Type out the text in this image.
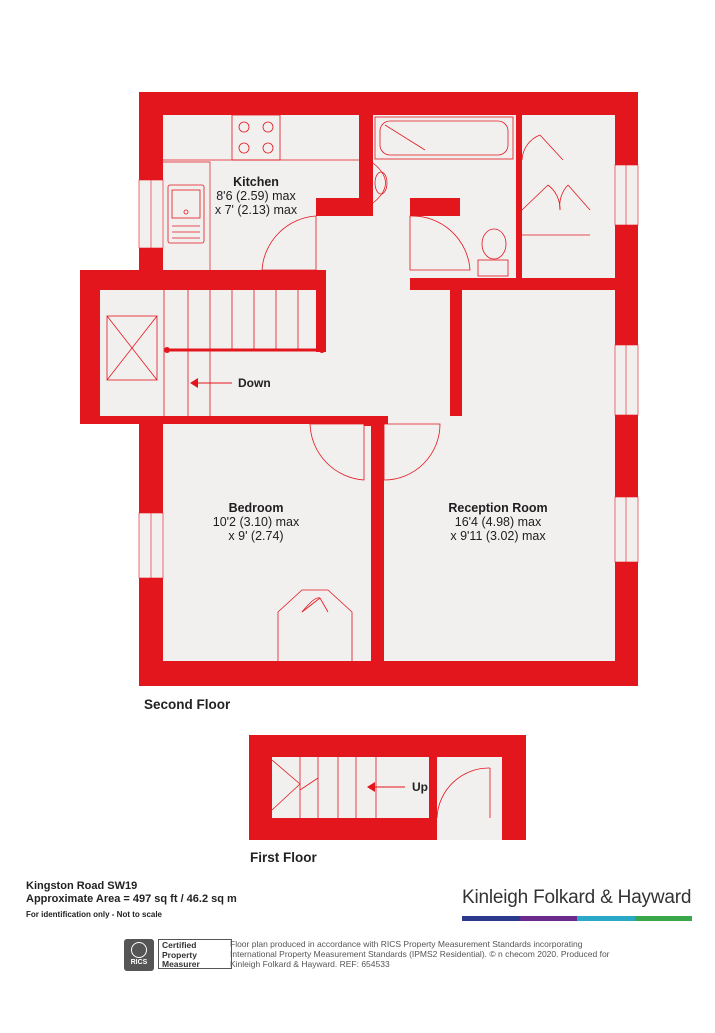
Kitchen
8'6 (2.59) max
x 7' (2.13) max
Bedroom
10'2 (3.10) max
x 9' (2.74)
Reception Room
16'4 (4.98) max
x 9'11 (3.02) max
Down
Up
Second Floor
First Floor
Kingston Road SW19
Approximate Area = 497 sq ft / 46.2 sq m
For identification only - Not to scale
Kinleigh Folkard & Hayward
RICS
Certified Property Measurer
Floor plan produced in accordance with RICS Property Measurement Standards incorporating International Property Measurement Standards (IPMS2 Residential). © n checom 2020. Produced for Kinleigh Folkard & Hayward. REF: 654533
